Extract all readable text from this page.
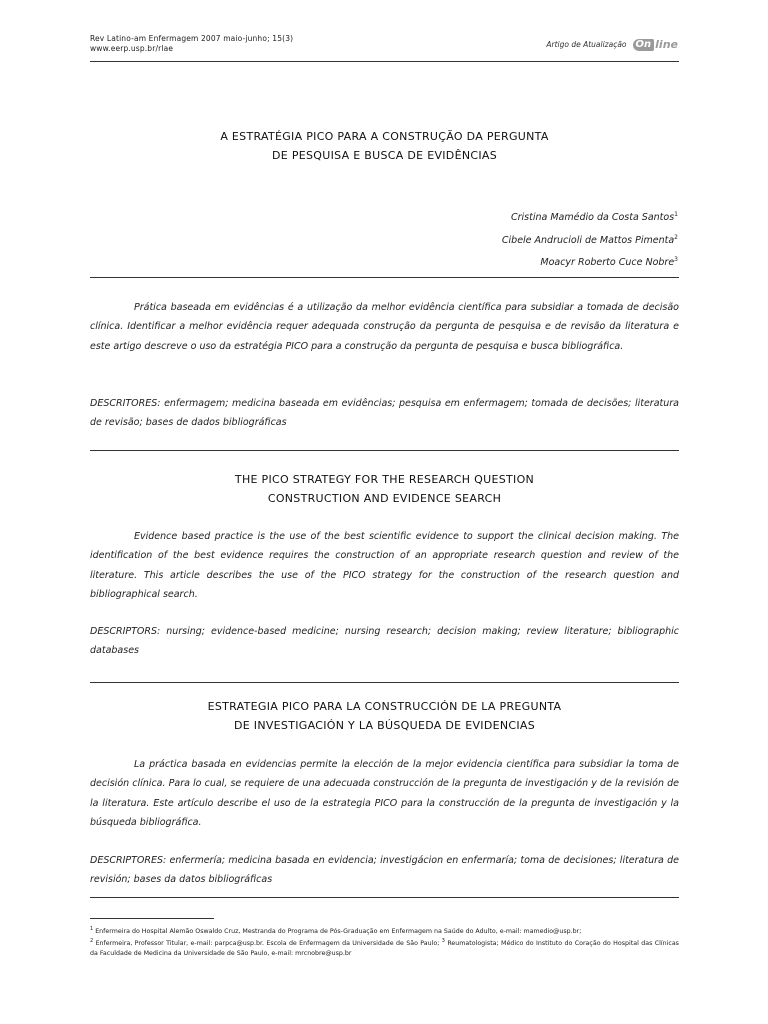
Rev Latino-am Enfermagem 2007 maio-junho; 15(3)
www.eerp.usp.br/rlae	Artigo de Atualização On line
A ESTRATÉGIA PICO PARA A CONSTRUÇÃO DA PERGUNTA
DE PESQUISA E BUSCA DE EVIDÊNCIAS
Cristina Mamédio da Costa Santos$^1$
Cibele Andrucioli de Mattos Pimenta$^2$
Moacyr Roberto Cuce Nobre$^3$

Prática baseada em evidências é a utilização da melhor evidência científica para subsidiar a tomada de decisão clínica. Identificar a melhor evidência requer adequada construção da pergunta de pesquisa e de revisão da literatura e este artigo descreve o uso da estratégia PICO para a construção da pergunta de pesquisa e busca bibliográfica.

DESCRITORES: enfermagem; medicina baseada em evidências; pesquisa em enfermagem; tomada de decisões; literatura de revisão; bases de dados bibliográficas

THE PICO STRATEGY FOR THE RESEARCH QUESTION
CONSTRUCTION AND EVIDENCE SEARCH

Evidence based practice is the use of the best scientific evidence to support the clinical decision making. The identification of the best evidence requires the construction of an appropriate research question and review of the literature. This article describes the use of the PICO strategy for the construction of the research question and bibliographical search.

DESCRIPTORS: nursing; evidence-based medicine; nursing research; decision making; review literature; bibliographic databases

ESTRATEGIA PICO PARA LA CONSTRUCCIÓN DE LA PREGUNTA
DE INVESTIGACIÓN Y LA BÚSQUEDA DE EVIDENCIAS

La práctica basada en evidencias permite la elección de la mejor evidencia científica para subsidiar la toma de decisión clínica. Para lo cual, se requiere de una adecuada construcción de la pregunta de investigación y de la revisión de la literatura. Este artículo describe el uso de la estrategia PICO para la construcción de la pregunta de investigación y la búsqueda bibliográfica.

DESCRIPTORES: enfermería; medicina basada en evidencia; investigácion en enfermaría; toma de decisiones; literatura de revisión; bases da datos bibliográficas

$^1$ Enfermeira do Hospital Alemão Oswaldo Cruz, Mestranda do Programa de Pós-Graduação em Enfermagem na Saúde do Adulto, e-mail: mamedio@usp.br;
$^2$ Enfermeira, Professor Titular, e-mail: parpca@usp.br. Escola de Enfermagem da Universidade de São Paulo; $^3$ Reumatologista; Médico do Instituto do Coração do Hospital das Clínicas da Faculdade de Medicina da Universidade de São Paulo, e-mail: mrcnobre@usp.br
